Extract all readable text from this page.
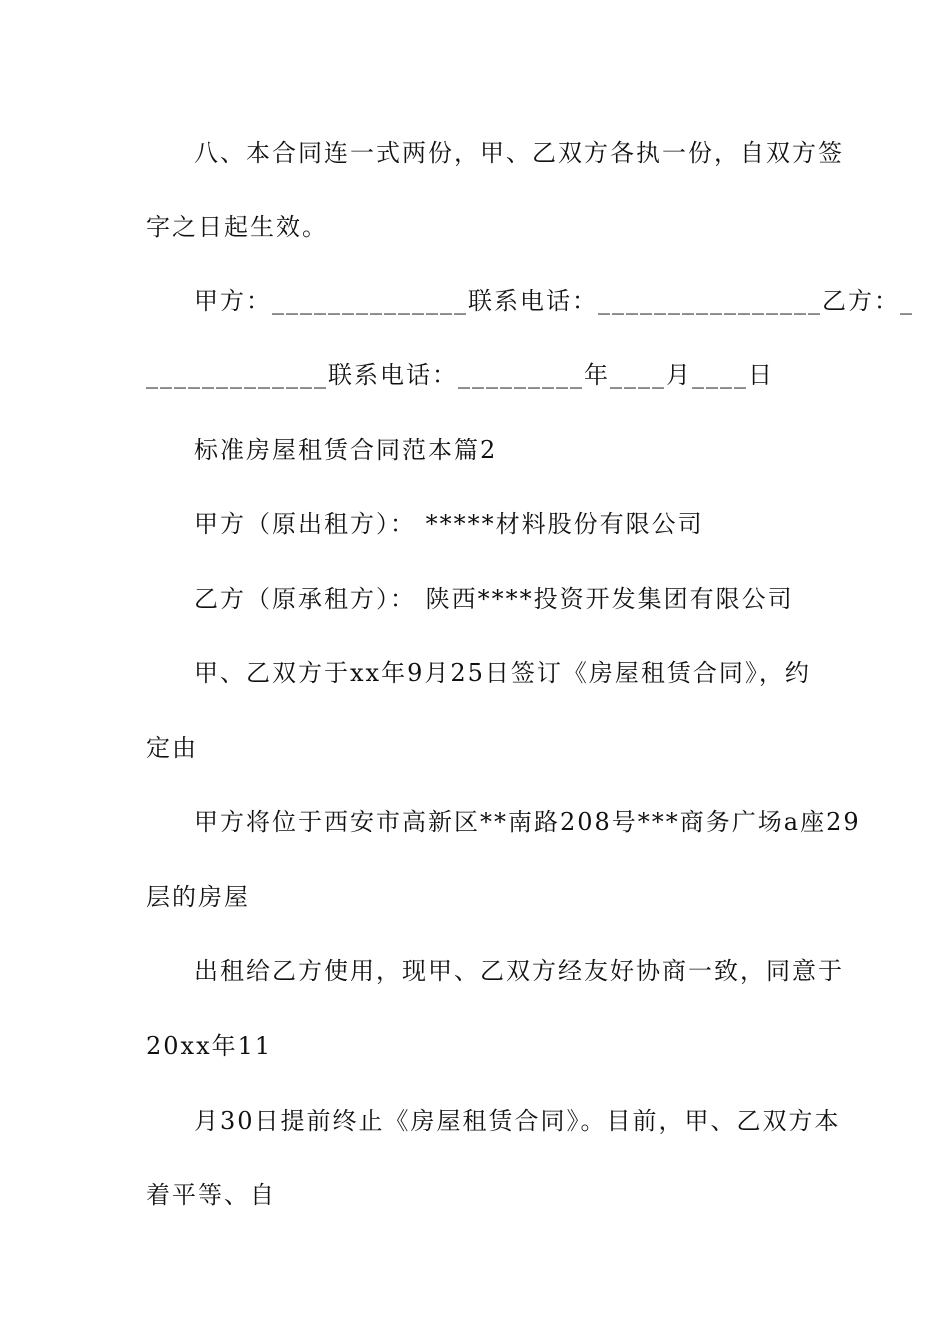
八、本合同连一式两份，甲、乙双方各执一份，自双方签
字之日起生效。
甲方：______________联系电话：________________乙方：_
_____________联系电话：_________年____月____日
标准房屋租赁合同范本篇2
甲方（原出租方）： *****材料股份有限公司
乙方（原承租方）： 陕西****投资开发集团有限公司
甲、乙双方于xx年9月25日签订《房屋租赁合同》，约
定由
甲方将位于西安市高新区**南路208号***商务广场a座29
层的房屋
出租给乙方使用，现甲、乙双方经友好协商一致，同意于
20xx年11
月30日提前终止《房屋租赁合同》。目前，甲、乙双方本
着平等、自
